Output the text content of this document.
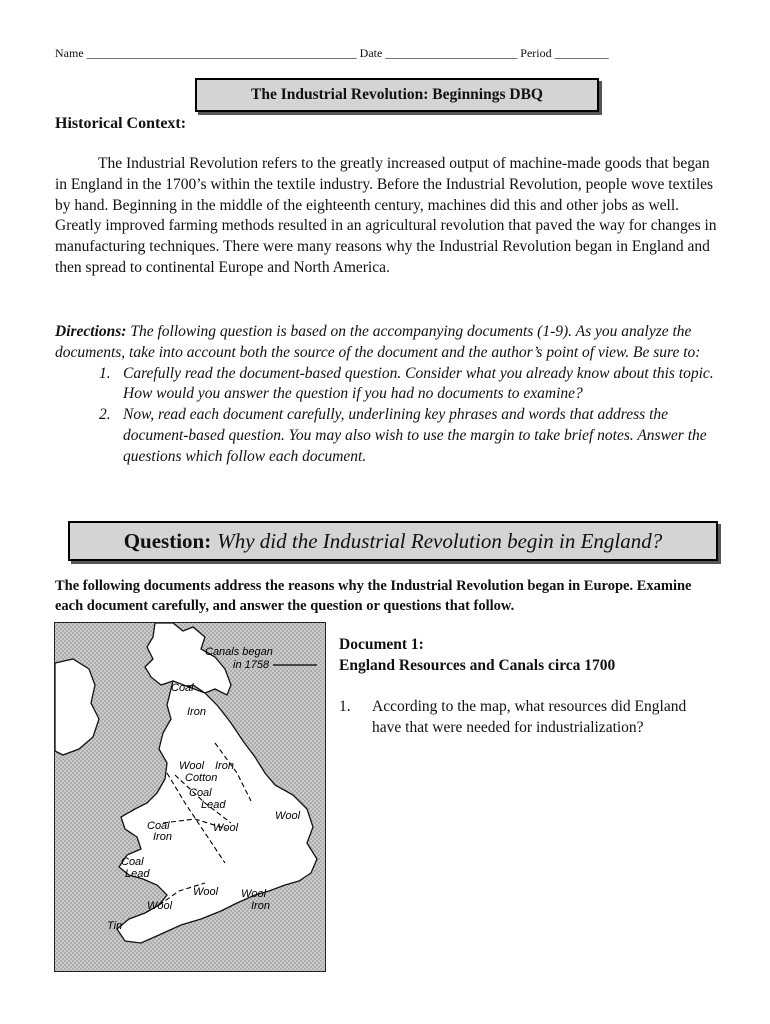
Name _____________________________________________ Date ______________________ Period _________
The Industrial Revolution: Beginnings DBQ
Historical Context:
The Industrial Revolution refers to the greatly increased output of machine-made goods that began in England in the 1700’s within the textile industry. Before the Industrial Revolution, people wove textiles by hand. Beginning in the middle of the eighteenth century, machines did this and other jobs as well. Greatly improved farming methods resulted in an agricultural revolution that paved the way for changes in manufacturing techniques. There were many reasons why the Industrial Revolution began in England and then spread to continental Europe and North America.
Directions: The following question is based on the accompanying documents (1-9). As you analyze the documents, take into account both the source of the document and the author’s point of view. Be sure to:
1. Carefully read the document-based question. Consider what you already know about this topic. How would you answer the question if you had no documents to examine?
2. Now, read each document carefully, underlining key phrases and words that address the document-based question. You may also wish to use the margin to take brief notes. Answer the questions which follow each document.
Question: Why did the Industrial Revolution begin in England?
The following documents address the reasons why the Industrial Revolution began in Europe. Examine each document carefully, and answer the question or questions that follow.
Canals began
in 1758
Coal
Iron
Wool Iron
Cotton
Coal
Lead
Wool
Coal
Iron
Wool
Coal
Lead
Wool Wool
Iron
Wool
Tin
Document 1:
England Resources and Canals circa 1700
1. According to the map, what resources did England have that were needed for industrialization?
